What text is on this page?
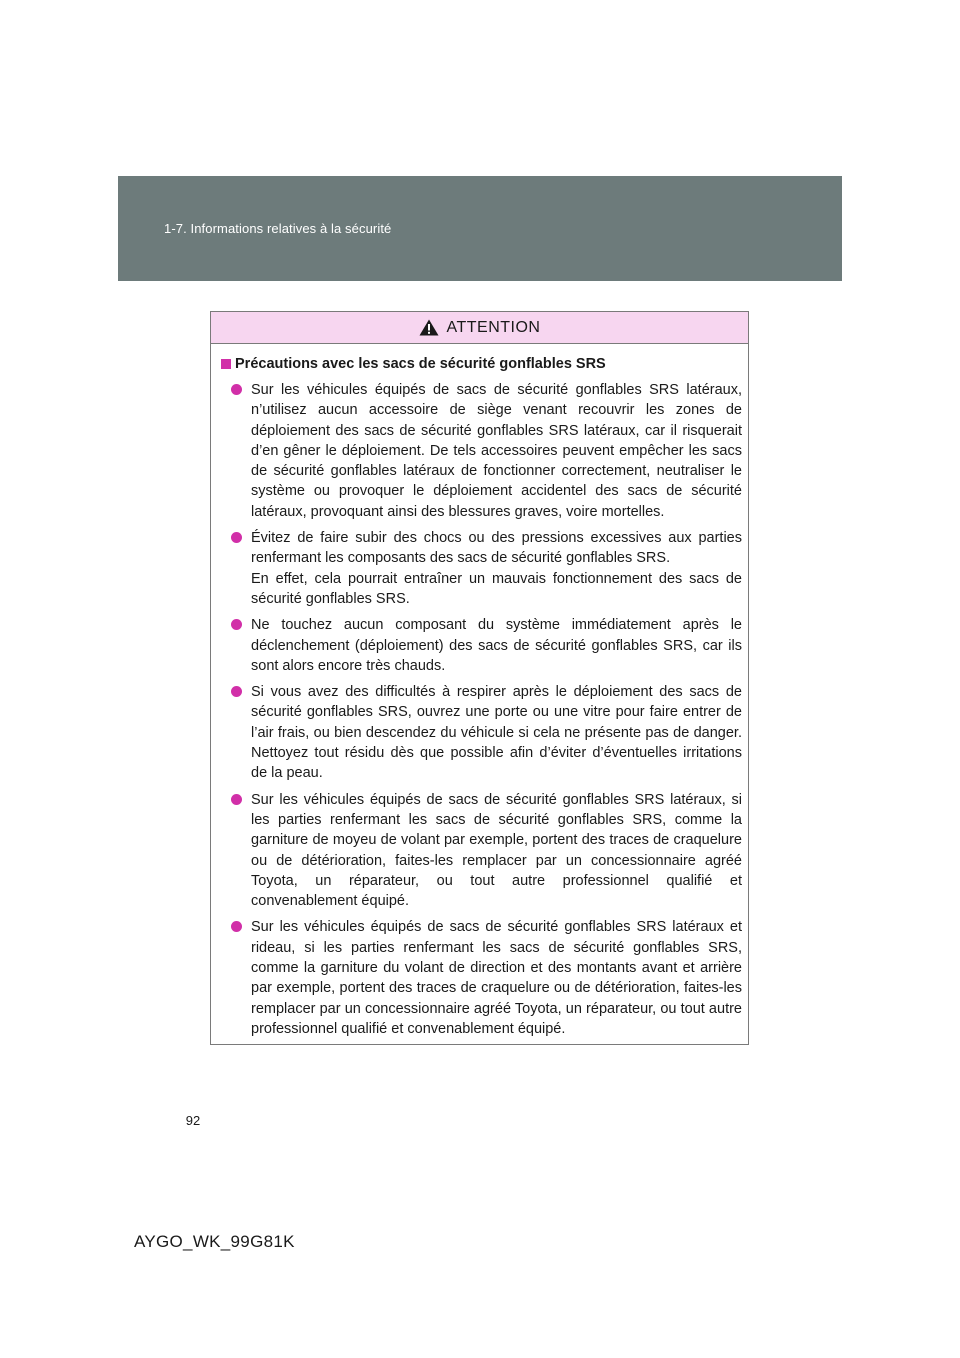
1-7. Informations relatives à la sécurité
ATTENTION
Précautions avec les sacs de sécurité gonflables SRS

Sur les véhicules équipés de sacs de sécurité gonflables SRS latéraux, n’utilisez aucun accessoire de siège venant recouvrir les zones de déploiement des sacs de sécurité gonflables SRS latéraux, car il risquerait d’en gêner le déploiement. De tels accessoires peuvent empêcher les sacs de sécurité gonflables latéraux de fonctionner correctement, neutraliser le système ou provoquer le déploiement accidentel des sacs de sécurité latéraux, provoquant ainsi des blessures graves, voire mortelles.

Évitez de faire subir des chocs ou des pressions excessives aux parties renfermant les composants des sacs de sécurité gonflables SRS.

En effet, cela pourrait entraîner un mauvais fonctionnement des sacs de sécurité gonflables SRS.

Ne touchez aucun composant du système immédiatement après le déclenchement (déploiement) des sacs de sécurité gonflables SRS, car ils sont alors encore très chauds.

Si vous avez des difficultés à respirer après le déploiement des sacs de sécurité gonflables SRS, ouvrez une porte ou une vitre pour faire entrer de l’air frais, ou bien descendez du véhicule si cela ne présente pas de danger. Nettoyez tout résidu dès que possible afin d’éviter d’éventuelles irritations de la peau.

Sur les véhicules équipés de sacs de sécurité gonflables SRS latéraux, si les parties renfermant les sacs de sécurité gonflables SRS, comme la garniture de moyeu de volant par exemple, portent des traces de craquelure ou de détérioration, faites-les remplacer par un concessionnaire agréé Toyota, un réparateur, ou tout autre professionnel qualifié et convenablement équipé.

Sur les véhicules équipés de sacs de sécurité gonflables SRS latéraux et rideau, si les parties renfermant les sacs de sécurité gonflables SRS, comme la garniture du volant de direction et des montants avant et arrière par exemple, portent des traces de craquelure ou de détérioration, faites-les remplacer par un concessionnaire agréé Toyota, un réparateur, ou tout autre professionnel qualifié et convenablement équipé.

92
AYGO_WK_99G81K
